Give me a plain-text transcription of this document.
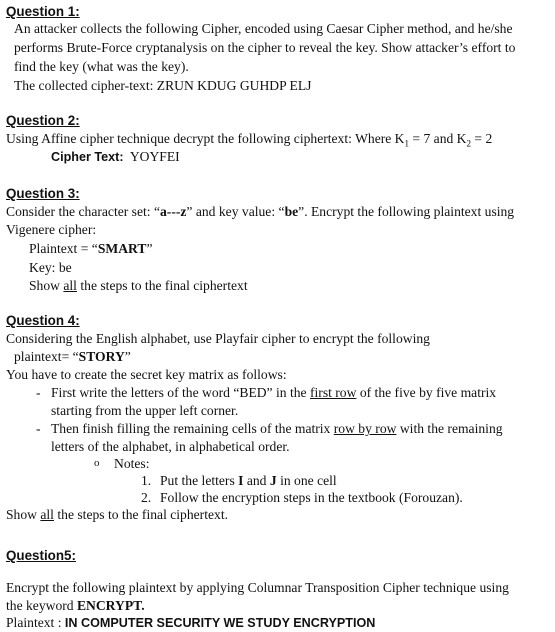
Question 1:
An attacker collects the following Cipher, encoded using Caesar Cipher method, and he/she
performs Brute-Force cryptanalysis on the cipher to reveal the key. Show attacker’s effort to
find the key (what was the key).
The collected cipher-text: ZRUN KDUG GUHDP ELJ
Question 2:
Using Affine cipher technique decrypt the following ciphertext: Where $K_1 = 7$ and $K_2 = 2$
Cipher Text:  YOYFEI
Question 3:
Consider the character set: “a---z” and key value: “be”. Encrypt the following plaintext using
Vigenere cipher:
Plaintext = “SMART”
Key: be
Show all the steps to the final ciphertext
Question 4:
Considering the English alphabet, use Playfair cipher to encrypt the following
plaintext= “STORY”
You have to create the secret key matrix as follows:
- First write the letters of the word “BED” in the first row of the five by five matrix
starting from the upper left corner.
- Then finish filling the remaining cells of the matrix row by row with the remaining
letters of the alphabet, in alphabetical order.
o Notes:
1. Put the letters I and J in one cell
2. Follow the encryption steps in the textbook (Forouzan).
Show all the steps to the final ciphertext.
Question5:
Encrypt the following plaintext by applying Columnar Transposition Cipher technique using
the keyword ENCRYPT.
Plaintext : IN COMPUTER SECURITY WE STUDY ENCRYPTION
